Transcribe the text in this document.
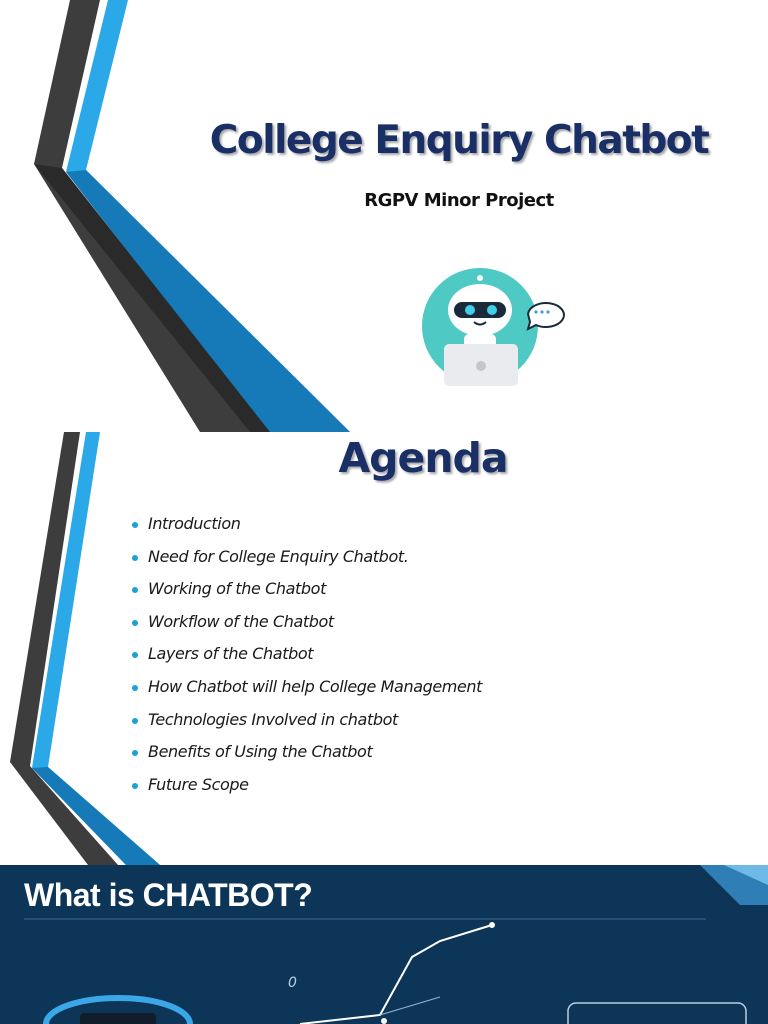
College Enquiry Chatbot
RGPV Minor Project
Agenda
Introduction
Need for College Enquiry Chatbot.
Working of the Chatbot
Workflow of the Chatbot
Layers of the Chatbot
How Chatbot will help College Management
Technologies Involved in chatbot
Benefits of Using the Chatbot
Future Scope
What is CHATBOT?
0
